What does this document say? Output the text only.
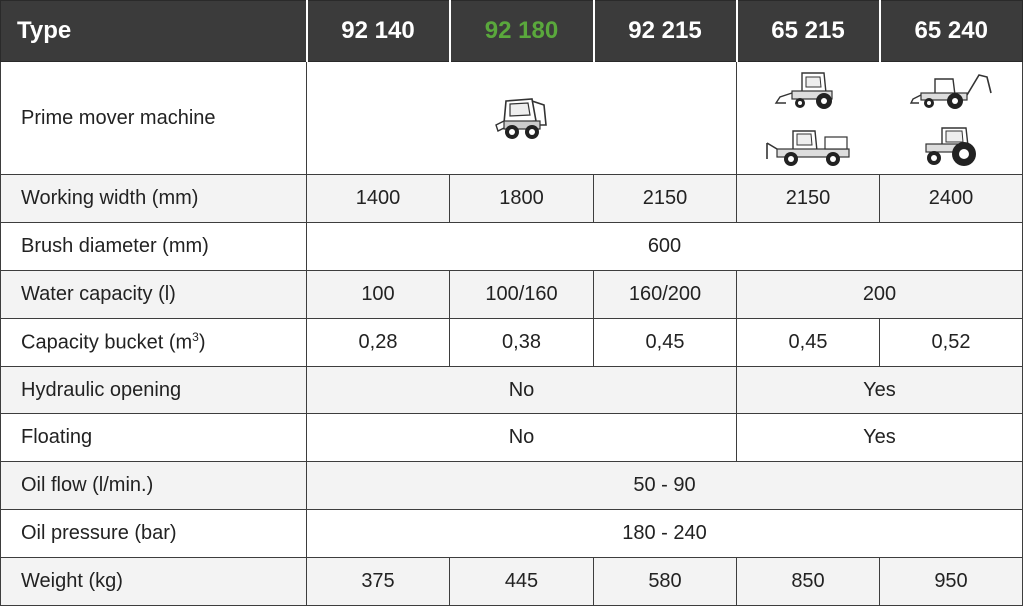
Type	92 140	92 180	92 215	65 215	65 240
Prime mover machine	

Working width (mm)	1400	1800	2150	2150	2400
Brush diameter (mm)	600				
Water capacity (l)	100	100/160	160/200	200	
Capacity bucket $(m^3)$	0,28	0,38	0,45	0,45	0,52
Hydraulic opening	No			Yes	
Floating	No			Yes	
Oil flow (l/min.)	50 - 90				
Oil pressure (bar)	180 - 240				
Weight (kg)	375	445	580	850	950
